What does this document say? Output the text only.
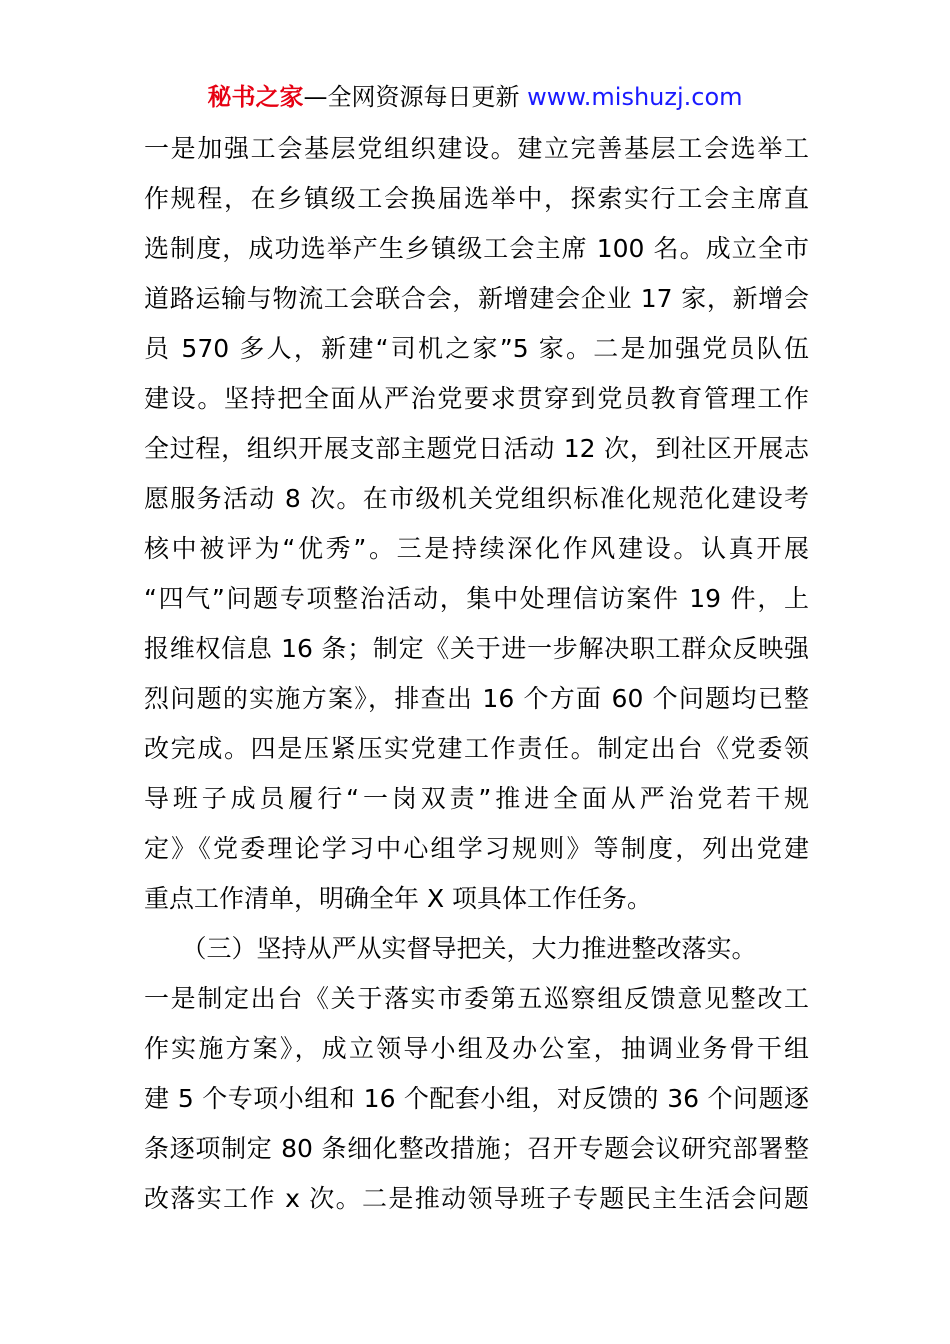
秘书之家—全网资源每日更新 www.mishuzj.com
一是加强工会基层党组织建设。建立完善基层工会选举工
作规程，在乡镇级工会换届选举中，探索实行工会主席直
选制度，成功选举产生乡镇级工会主席 100 名。成立全市
道路运输与物流工会联合会，新增建会企业 17 家，新增会
员 570 多人，新建“司机之家”5 家。二是加强党员队伍
建设。坚持把全面从严治党要求贯穿到党员教育管理工作
全过程，组织开展支部主题党日活动 12 次，到社区开展志
愿服务活动 8 次。在市级机关党组织标准化规范化建设考
核中被评为“优秀”。三是持续深化作风建设。认真开展
“四气”问题专项整治活动，集中处理信访案件 19 件，上
报维权信息 16 条；制定《关于进一步解决职工群众反映强
烈问题的实施方案》，排查出 16 个方面 60 个问题均已整
改完成。四是压紧压实党建工作责任。制定出台《党委领
导班子成员履行“一岗双责”推进全面从严治党若干规
定》《党委理论学习中心组学习规则》等制度，列出党建
重点工作清单，明确全年 X 项具体工作任务。
　　（三）坚持从严从实督导把关，大力推进整改落实。
一是制定出台《关于落实市委第五巡察组反馈意见整改工
作实施方案》，成立领导小组及办公室，抽调业务骨干组
建 5 个专项小组和 16 个配套小组，对反馈的 36 个问题逐
条逐项制定 80 条细化整改措施；召开专题会议研究部署整
改落实工作 x 次。二是推动领导班子专题民主生活会问题
